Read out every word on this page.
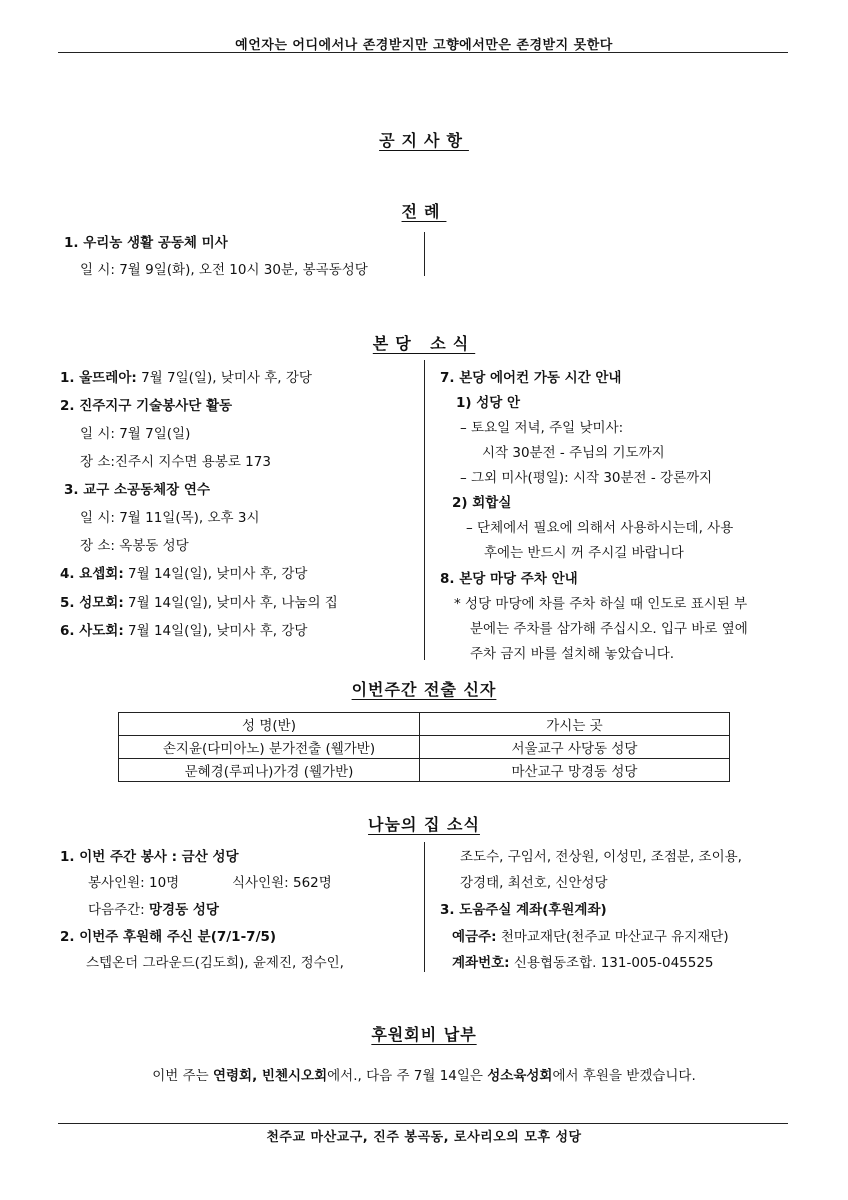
예언자는 어디에서나 존경받지만 고향에서만은 존경받지 못한다
공지사항
전례
1. 우리농 생활 공동체 미사
일 시: 7월 9일(화), 오전 10시 30분, 봉곡동성당
본당 소식
1. 울뜨레아: 7월 7일(일), 낮미사 후, 강당
2. 진주지구 기술봉사단 활동
일 시: 7월 7일(일)
장 소:진주시 지수면 용봉로 173
3. 교구 소공동체장 연수
일 시: 7월 11일(목), 오후 3시
장 소: 옥봉동 성당
4. 요셉회: 7월 14일(일), 낮미사 후, 강당
5. 성모회: 7월 14일(일), 낮미사 후, 나눔의 집
6. 사도회: 7월 14일(일), 낮미사 후, 강당
7. 본당 에어컨 가동 시간 안내
1) 성당 안
– 토요일 저녁, 주일 낮미사:
시작 30분전 - 주님의 기도까지
– 그외 미사(평일): 시작 30분전 - 강론까지
2) 회합실
– 단체에서 필요에 의해서 사용하시는데, 사용
후에는 반드시 꺼 주시길 바랍니다
8. 본당 마당 주차 안내
* 성당 마당에 차를 주차 하실 때 인도로 표시된 부
분에는 주차를 삼가해 주십시오. 입구 바로 옆에
주차 금지 바를 설치해 놓았습니다.
이번주간 전출 신자
성 명(반)	가시는 곳
손지윤(다미아노) 분가전출 (웰가반)	서울교구 사당동 성당
문혜경(루피나)가경 (웰가반)	마산교구 망경동 성당
나눔의 집 소식
1. 이번 주간 봉사 : 금산 성당
봉사인원: 10명	식사인원: 562명
다음주간: 망경동 성당
2. 이번주 후원해 주신 분(7/1-7/5)
스텝온더 그라운드(김도희), 윤제진, 정수인,
조도수, 구임서, 전상원, 이성민, 조점분, 조이용,
강경태, 최선호, 신안성당
3. 도움주실 계좌(후원계좌)
예금주: 천마교재단(천주교 마산교구 유지재단)
계좌번호: 신용협동조합. 131-005-045525
후원회비 납부
이번 주는 연령회, 빈첸시오회에서., 다음 주 7월 14일은 성소육성회에서 후원을 받겠습니다.
천주교 마산교구, 진주 봉곡동, 로사리오의 모후 성당
